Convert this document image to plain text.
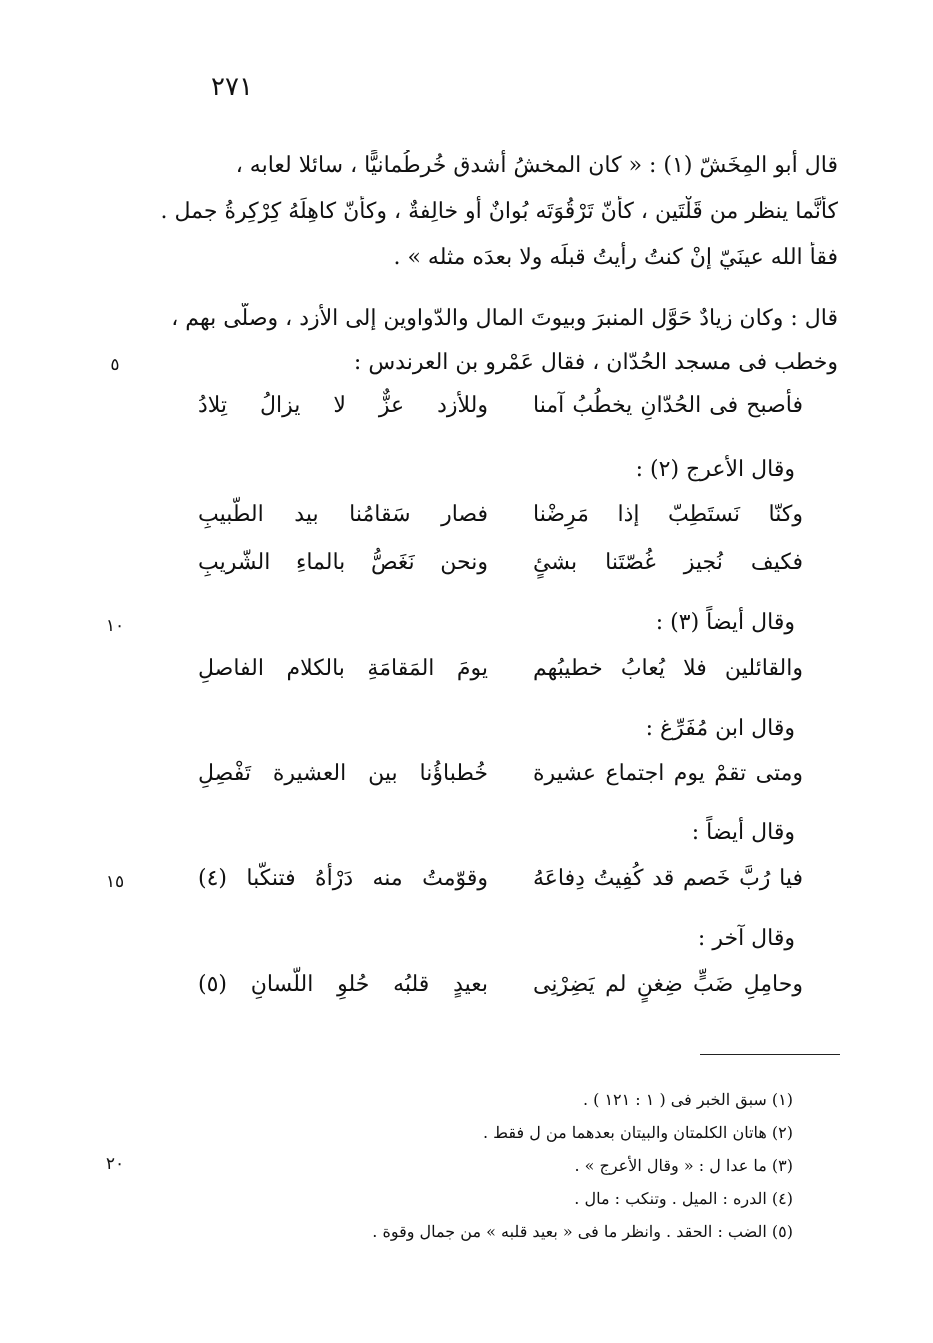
٢٧١
قال أبو المِخَشّ (١) : « كان المخشُ أشدق خُرطُمانيًّا ، سائلا لعابه ،
كأنَّما ينظر من قَلْتَين ، كأنّ تَرْقُوَتَه بُوانٌ أو خالِفةٌ ، وكأنّ كاهِلَهُ كِرْكِرةُ جمل .
فقأ الله عينَيّ إنْ كنتُ رأيتُ قبلَه ولا بعدَه مثله » .
قال : وكان زيادٌ حَوَّل المنبرَ وبيوتَ المال والدّواوين إلى الأزد ، وصلّى بهم ،
وخطب فى مسجد الحُدّان ، فقال عَمْرو بن العرندس :
فأصبح فى الحُدّانِ يخطُبُ آمنا
وللأزد عزٌّ لا يزالُ تِلادُ
وقال الأعرج (٢) :
وكنّا نَستَطِبّ إذا مَرِضْنا
فصار سَقامُنا بيد الطّبيبِ
فكيف نُجيز غُصّتَنا بشئٍ
ونحن نَغَصُّ بالماءِ الشّريبِ
وقال أيضاً (٣) :
والقائلين فلا يُعابُ خطيبُهم
يومَ المَقامَةِ بالكلام الفاصلِ
وقال ابن مُفَرِّغ :
ومتى تقمْ يوم اجتماع عشيرة
خُطباؤُنا بين العشيرة تَفْصِلِ
وقال أيضاً :
فيا رُبَّ خَصم قد كُفِيتُ دِفاعَهُ
وقوّمتُ منه دَرْأهُ فتنكّبا (٤)
وقال آخر :
وحامِلِ ضَبٍّ ضِغنٍ لم يَضِرْنِى
بعيدٍ قلبُه حُلوِ اللّسانِ (٥)
٥
١٠
١٥
٢٠
(١) سبق الخبر فى ( ١ : ١٢١ ) .
(٢) هاتان الكلمتان والبيتان بعدهما من ل فقط .
(٣) ما عدا ل : « وقال الأعرج » .
(٤) الدره : الميل . وتنكب : مال .
(٥) الضب : الحقد . وانظر ما فى « بعيد قلبه » من جمال وقوة .
